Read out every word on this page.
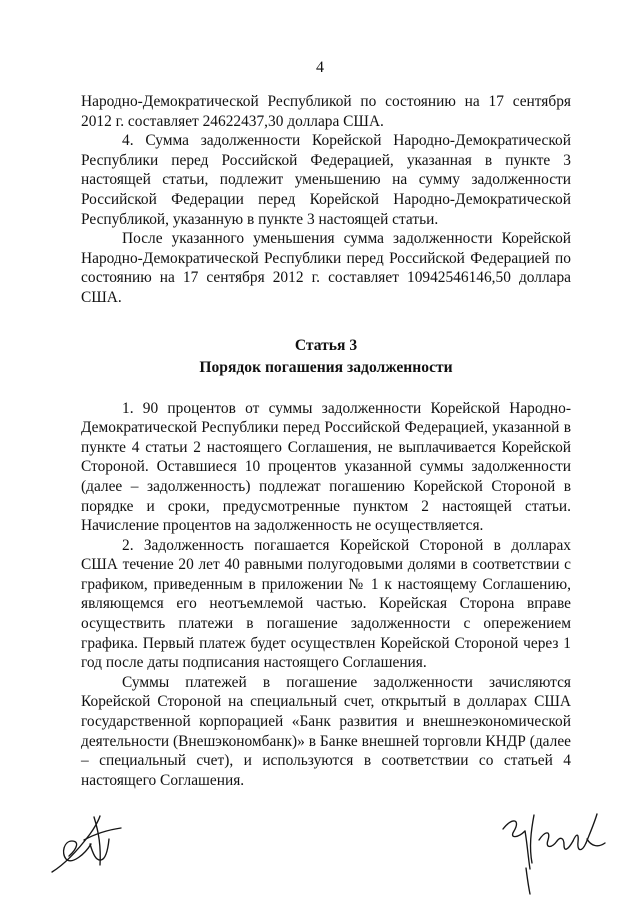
4

Народно-Демократической Республикой по состоянию на 17 сентября 2012 г. составляет 24622437,30 доллара США.

4. Сумма задолженности Корейской Народно-Демократической Республики перед Российской Федерацией, указанная в пункте 3 настоящей статьи, подлежит уменьшению на сумму задолженности Российской Федерации перед Корейской Народно-Демократической Республикой, указанную в пункте 3 настоящей статьи.

После указанного уменьшения сумма задолженности Корейской Народно-Демократической Республики перед Российской Федерацией по состоянию на 17 сентября 2012 г. составляет 10942546146,50 доллара США.

Статья 3
Порядок погашения задолженности

1. 90 процентов от суммы задолженности Корейской Народно-Демократической Республики перед Российской Федерацией, указанной в пункте 4 статьи 2 настоящего Соглашения, не выплачивается Корейской Стороной. Оставшиеся 10 процентов указанной суммы задолженности (далее – задолженность) подлежат погашению Корейской Стороной в порядке и сроки, предусмотренные пунктом 2 настоящей статьи. Начисление процентов на задолженность не осуществляется.

2. Задолженность погашается Корейской Стороной в долларах США течение 20 лет 40 равными полугодовыми долями в соответствии с графиком, приведенным в приложении № 1 к настоящему Соглашению, являющемся его неотъемлемой частью. Корейская Сторона вправе осуществить платежи в погашение задолженности с опережением графика. Первый платеж будет осуществлен Корейской Стороной через 1 год после даты подписания настоящего Соглашения.

Суммы платежей в погашение задолженности зачисляются Корейской Стороной на специальный счет, открытый в долларах США государственной корпорацией «Банк развития и внешнеэкономической деятельности (Внешэкономбанк)» в Банке внешней торговли КНДР (далее – специальный счет), и используются в соответствии со статьей 4 настоящего Соглашения.
